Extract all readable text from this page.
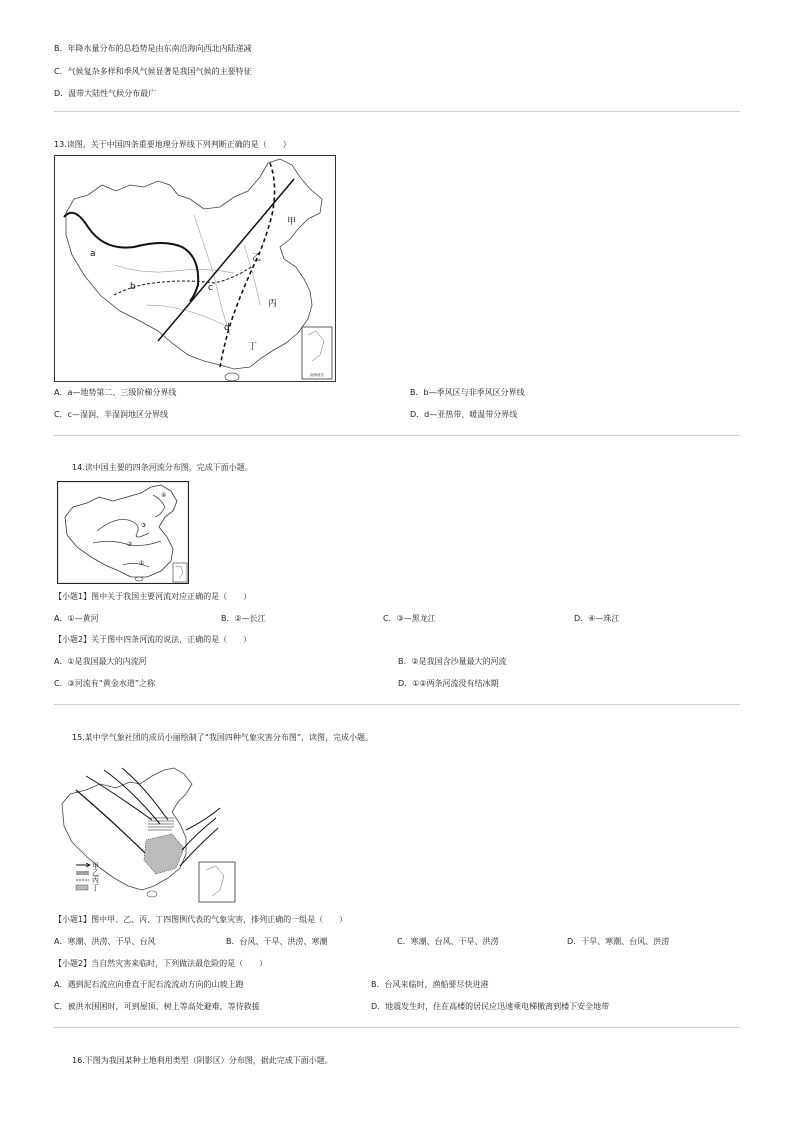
B．年降水量分布的总趋势是由东南沿海向西北内陆递减
C．气候复杂多样和季风气候显著是我国气候的主要特征
D．温带大陆性气候分布最广
13.读图，关于中国四条重要地理分界线下列判断正确的是（　　）
南海诸岛
a
b	c
d
甲
乙
丙
丁
A．a—地势第二、三级阶梯分界线	B．b—季风区与非季风区分界线
C．c—湿润、半湿润地区分界线	D．d—亚热带、暖温带分界线
14.读中国主要的四条河流分布图，完成下面小题。
④
③
②
①
【小题1】图中关于我国主要河流对应正确的是（　　）
A．①—黄河	B．②—长江	C．③—黑龙江	D．④—珠江
【小题2】关于图中四条河流的说法，正确的是（　　）
A．①是我国最大的内流河	B．②是我国含沙量最大的河流
C．③河流有“黄金水道”之称	D．①②两条河流没有结冰期
15.某中学气象社团的成员小丽绘制了“我国四种气象灾害分布图”，读图，完成小题。
甲
乙
丙
丁
【小题1】图中甲、乙、丙、丁四图例代表的气象灾害，排列正确的一组是（　　）
A．寒潮、洪涝、干旱、台风	B．台风、干旱、洪涝、寒潮	C．寒潮、台风、干旱、洪涝	D．干旱、寒潮、台风、洪涝
【小题2】当自然灾害来临时，下列做法最危险的是（　　）
A．遇到泥石流应向垂直于泥石流流动方向的山坡上跑	B．台风来临时，渔船要尽快进港
C．被洪水围困时，可到屋顶、树上等高处避难，等待救援	D．地震发生时，住在高楼的居民应迅速乘电梯撤离到楼下安全地带
16.下图为我国某种土地利用类型（阴影区）分布图，据此完成下面小题。
